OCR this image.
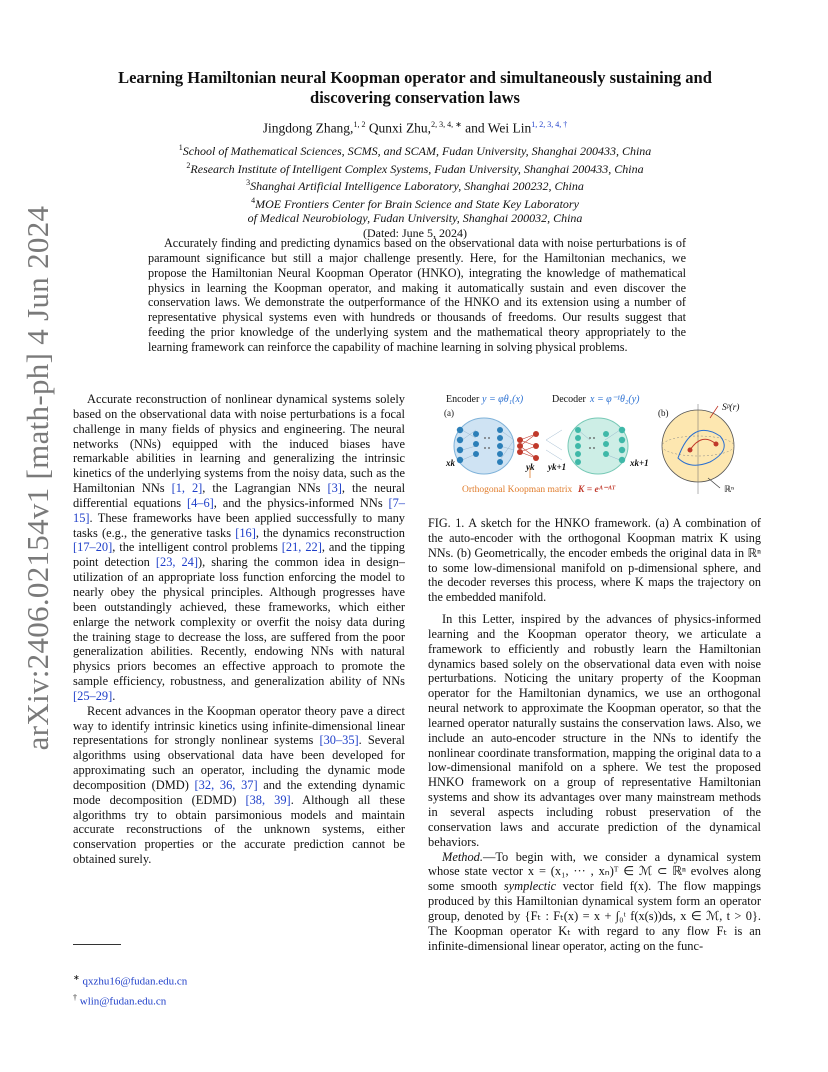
arXiv:2406.02154v1 [math-ph] 4 Jun 2024
Learning Hamiltonian neural Koopman operator and simultaneously sustaining and
discovering conservation laws
Jingdong Zhang,$^{1, 2}$ Qunxi Zhu,$^{2, 3, 4, ∗}$ and Wei Lin$^{1, 2, 3, 4, \dagger}$
$^1$School of Mathematical Sciences, SCMS, and SCAM, Fudan University, Shanghai 200433, China
$^2$Research Institute of Intelligent Complex Systems, Fudan University, Shanghai 200433, China
$^3$Shanghai Artificial Intelligence Laboratory, Shanghai 200232, China
$^4$MOE Frontiers Center for Brain Science and State Key Laboratory
of Medical Neurobiology, Fudan University, Shanghai 200032, China
(Dated: June 5, 2024)
Accurately finding and predicting dynamics based on the observational data with noise perturbations is of paramount significance but still a major challenge presently. Here, for the Hamiltonian mechanics, we propose the Hamiltonian Neural Koopman Operator (HNKO), integrating the knowledge of mathematical physics in learning the Koopman operator, and making it automatically sustain and even discover the conservation laws. We demonstrate the outperformance of the HNKO and its extension using a number of representative physical systems even with hundreds or thousands of freedoms. Our results suggest that feeding the prior knowledge of the underlying system and the mathematical theory appropriately to the learning framework can reinforce the capability of machine learning in solving physical problems.

Accurate reconstruction of nonlinear dynamical systems solely based on the observational data with noise perturbations is a focal challenge in many fields of physics and engineering. The neural networks (NNs) equipped with the induced biases have remarkable abilities in learning and generalizing the intrinsic kinetics of the underlying systems from the noisy data, such as the Hamiltonian NNs [1, 2], the Lagrangian NNs [3], the neural differential equations [4–6], and the physics-informed NNs [7–15]. These frameworks have been applied successfully to many tasks (e.g., the generative tasks [16], the dynamics reconstruction [17–20], the intelligent control problems [21, 22], and the tipping point detection [23, 24]), sharing the common idea in design–utilization of an appropriate loss function enforcing the model to nearly obey the physical principles. Although progresses have been outstandingly achieved, these frameworks, which either enlarge the network complexity or overfit the noisy data during the training stage to decrease the loss, are suffered from the poor generalization abilities. Recently, endowing NNs with natural physics priors becomes an effective approach to promote the sample efficiency, robustness, and generalization ability of NNs [25–29].

Recent advances in the Koopman operator theory pave a direct way to identify intrinsic kinetics using infinite-dimensional linear representations for strongly nonlinear systems [30–35]. Several algorithms using observational data have been developed for approximating such an operator, including the dynamic mode decomposition (DMD) [32, 36, 37] and the extending dynamic mode decomposition (EDMD) [38, 39]. Although all these algorithms try to obtain parsimonious models and maintain accurate reconstructions of the unknown systems, either conservation properties or the accurate prediction cannot be obtained surely.

∗ qxzhu16@fudan.edu.cn
† wlin@fudan.edu.cn
Encoder y = φθ₁(x)	Decoder x = φ⁻¹θ₂(y)
(a)	(b)
xk	yk yk+1	xk+1
Orthogonal Koopman matrix K = eᴬ⁻ᴬᵀ
Sᵖ(r)
ℝⁿ
FIG. 1. A sketch for the HNKO framework. (a) A combination of the auto-encoder with the orthogonal Koopman matrix K using NNs. (b) Geometrically, the encoder embeds the original data in ℝⁿ to some low-dimensional manifold on p-dimensional sphere, and the decoder reverses this process, where K maps the trajectory on the embedded manifold.

In this Letter, inspired by the advances of physics-informed learning and the Koopman operator theory, we articulate a framework to efficiently and robustly learn the Hamiltonian dynamics based solely on the observational data even with noise perturbations. Noticing the unitary property of the Koopman operator for the Hamiltonian dynamics, we use an orthogonal neural network to approximate the Koopman operator, so that the learned operator naturally sustains the conservation laws. Also, we include an auto-encoder structure in the NNs to identify the nonlinear coordinate transformation, mapping the original data to a low-dimensional manifold on a sphere. We test the proposed HNKO framework on a group of representative Hamiltonian systems and show its advantages over many mainstream methods in several aspects including robust preservation of the conservation laws and accurate prediction of the dynamical behaviors.

Method.—To begin with, we consider a dynamical system whose state vector x = (x₁, ··· , xₙ)ᵀ ∈ ℳ ⊂ ℝⁿ evolves along some smooth symplectic vector field f(x). The flow mappings produced by this Hamiltonian dynamical system form an operator group, denoted by {Fₜ : Fₜ(x) = x + ∫₀ᵗ f(x(s))ds, x ∈ ℳ, t > 0}. The Koopman operator Kₜ with regard to any flow Fₜ is an infinite-dimensional linear operator, acting on the func-
